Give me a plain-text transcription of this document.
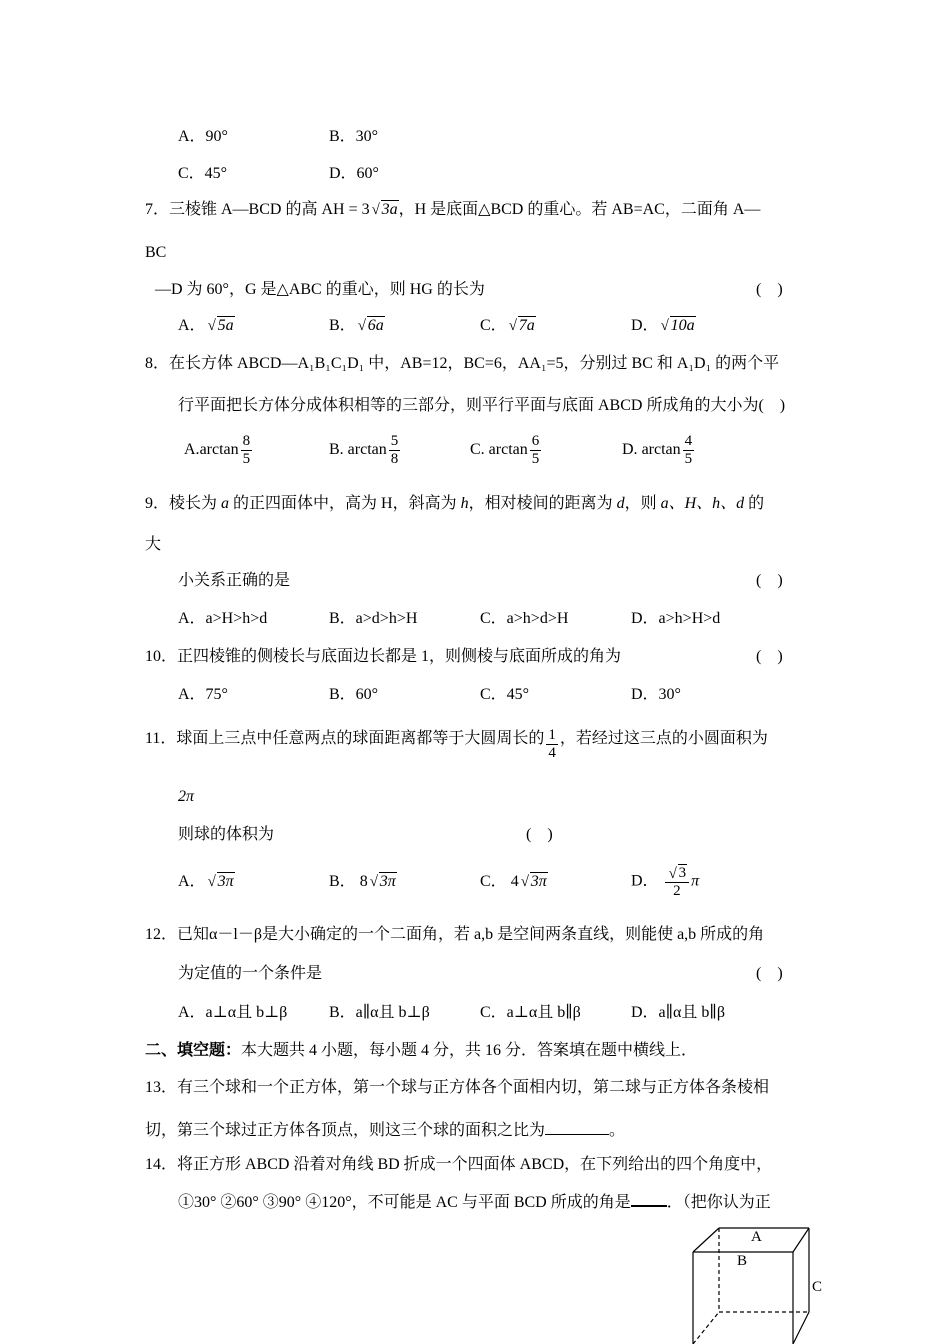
A．90°	B．30°
C．45°	D．60°
7．三棱锥 A—BCD 的高 AH = 3 √ 3a，H 是底面△BCD 的重心。若 AB=AC，二面角 A—
BC
—D 为 60°，G 是△ABC 的重心，则 HG 的长为	(　)
A． √ 5a	B． √ 6a	C． √ 7a	D． √ 10a
8．在长方体 ABCD—A₁B₁C₁D₁ 中，AB=12，BC=6，AA₁=5，分别过 BC 和 A₁D₁ 的两个平
行平面把长方体分成体积相等的三部分，则平行平面与底面 ABCD 所成角的大小为(　)
$A.\arctan \frac{8}{5}$	B. $\arctan \frac{5}{8}$	C. $\arctan \frac{6}{5}$	D. $\arctan \frac{4}{5}$
9．棱长为 a 的正四面体中，高为 H，斜高为 h，相对棱间的距离为 d，则 a、H、h、d 的
大
小关系正确的是	(　)
A．a>H>h>d	B．a>d>h>H	C．a>h>d>H	D．a>h>H>d
10．正四棱锥的侧棱长与底面边长都是 1，则侧棱与底面所成的角为	(　)
A．75°	B．60°	C．45°	D．30°
11．球面上三点中任意两点的球面距离都等于大圆周长的 $\frac{1}{4}$ ，若经过这三点的小圆面积为
2π
则球的体积为	(　)
A． √ 3π	B． 8 √ 3π	C． 4 √ 3π	D． $\frac{√ 3}{2}$ π
12．已知α－l－β是大小确定的一个二面角，若 a,b 是空间两条直线，则能使 a,b 所成的角
为定值的一个条件是	(　)
A．a⊥α且 b⊥β	B．a∥α且 b⊥β	C．a⊥α且 b∥β	D．a∥α且 b∥β
二、填空题：本大题共 4 小题，每小题 4 分，共 16 分．答案填在题中横线上．
13．有三个球和一个正方体，第一个球与正方体各个面相内切，第二球与正方体各条棱相
切，第三个球过正方体各顶点，则这三个球的面积之比为	。
14．将正方形 ABCD 沿着对角线 BD 折成一个四面体 ABCD，在下列给出的四个角度中，
①30° ②60° ③90° ④120°，不可能是 AC 与平面 BCD 所成的角是 ．（把你认为正
A
B
C
